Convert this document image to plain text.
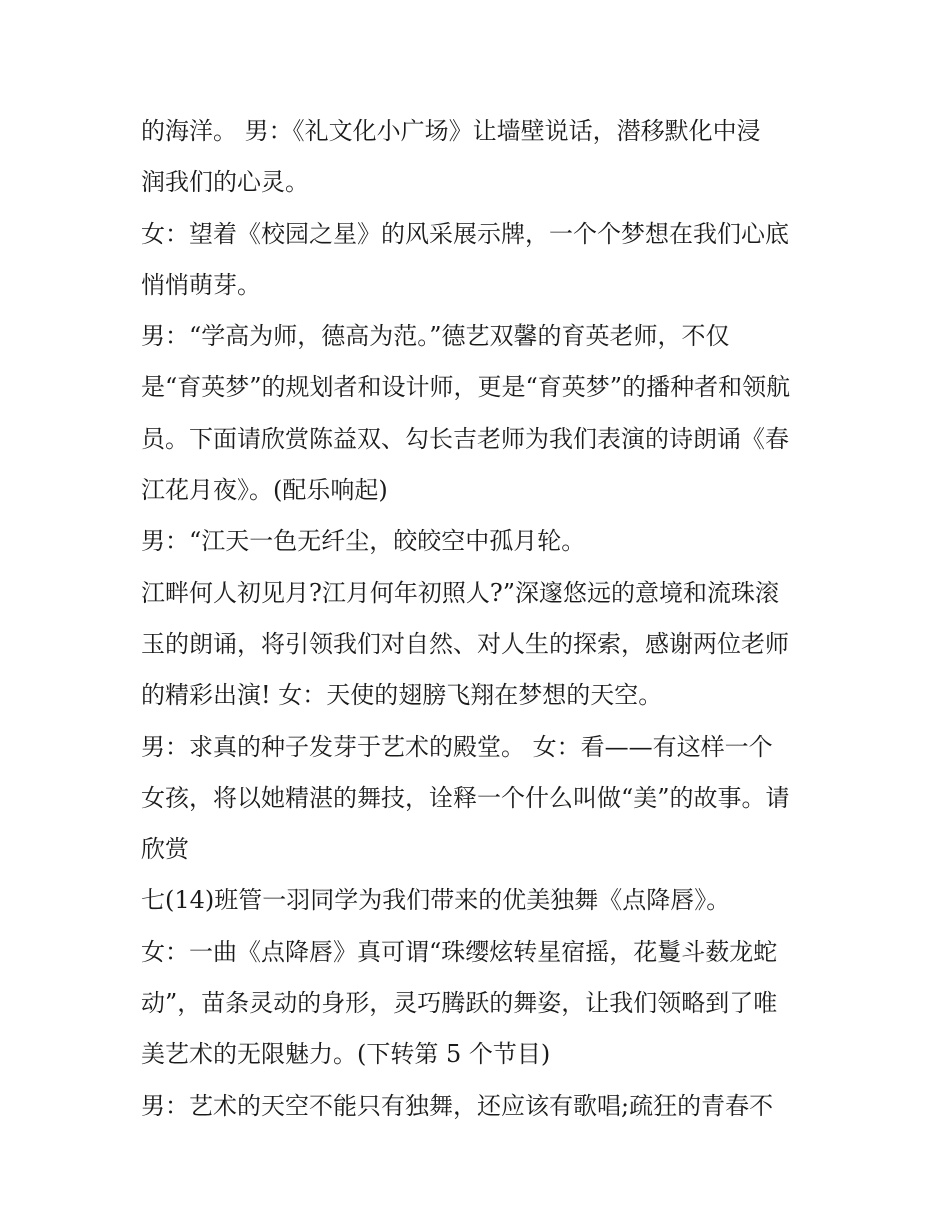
的海洋。 男：《礼文化小广场》让墙壁说话，潜移默化中浸
润我们的心灵。
女：望着《校园之星》的风采展示牌，一个个梦想在我们心底
悄悄萌芽。
男：“学高为师，德高为范。”德艺双馨的育英老师，不仅
是“育英梦”的规划者和设计师，更是“育英梦”的播种者和领航
员。下面请欣赏陈益双、勾长吉老师为我们表演的诗朗诵《春
江花月夜》。(配乐响起)
男：“江天一色无纤尘，皎皎空中孤月轮。
江畔何人初见月?江月何年初照人?”深邃悠远的意境和流珠滚
玉的朗诵，将引领我们对自然、对人生的探索，感谢两位老师
的精彩出演! 女：天使的翅膀飞翔在梦想的天空。
男：求真的种子发芽于艺术的殿堂。 女：看——有这样一个
女孩，将以她精湛的舞技，诠释一个什么叫做“美”的故事。请
欣赏
七(14)班管一羽同学为我们带来的优美独舞《点降唇》。
女：一曲《点降唇》真可谓“珠缨炫转星宿摇，花鬘斗薮龙蛇
动”，苗条灵动的身形，灵巧腾跃的舞姿，让我们领略到了唯
美艺术的无限魅力。(下转第 5 个节目)
男：艺术的天空不能只有独舞，还应该有歌唱;疏狂的青春不
